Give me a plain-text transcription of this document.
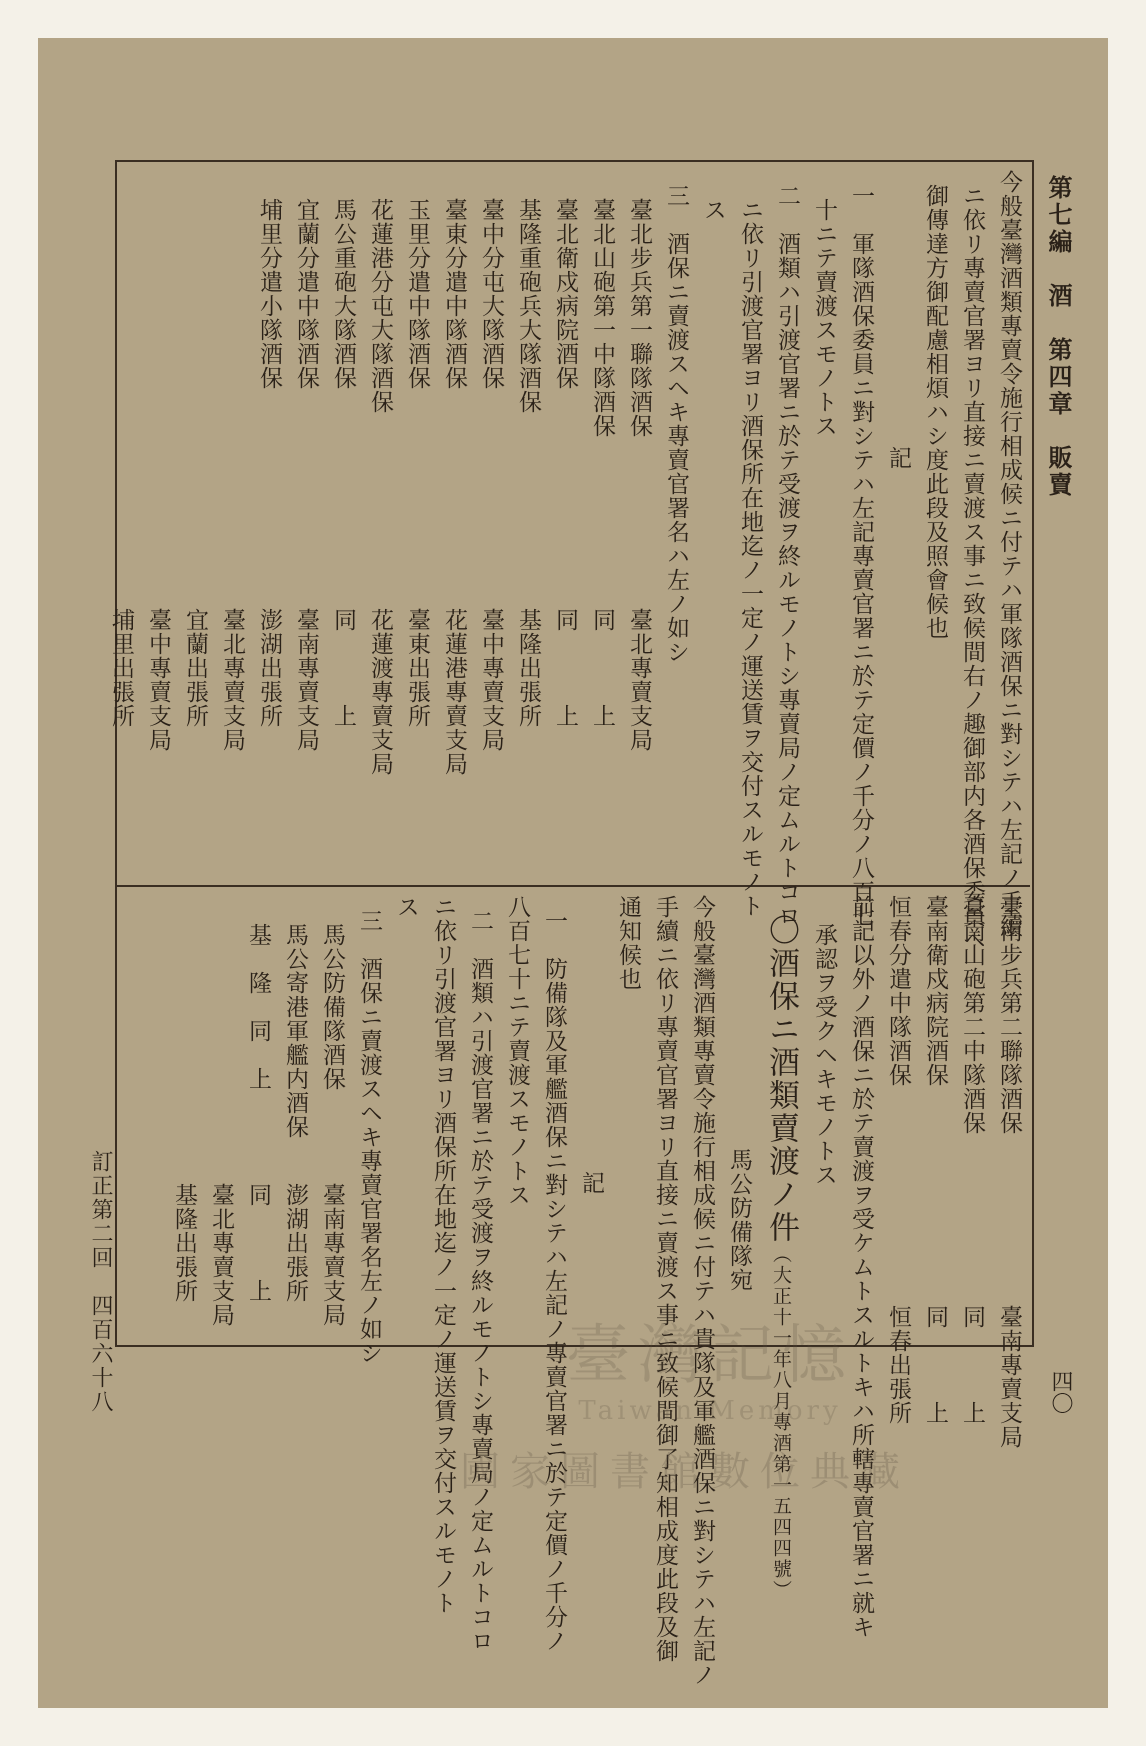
第七編　酒　第四章　販賣
四〇
今般臺灣酒類專賣令施行相成候ニ付テハ軍隊酒保ニ對シテハ左記ノ手續
ニ依リ專賣官署ヨリ直接ニ賣渡ス事ニ致候間右ノ趣御部内各酒保委員ヘ
御傳達方御配慮相煩ハシ度此段及照會候也
記
一　軍隊酒保委員ニ對シテハ左記專賣官署ニ於テ定價ノ千分ノ八百七
十ニテ賣渡スモノトス
二　酒類ハ引渡官署ニ於テ受渡ヲ終ルモノトシ專賣局ノ定ムルトコロ
ニ依リ引渡官署ヨリ酒保所在地迄ノ一定ノ運送賃ヲ交付スルモノト
ス
三　酒保ニ賣渡スヘキ專賣官署名ハ左ノ如シ
臺北步兵第一聯隊酒保臺北專賣支局
臺北山砲第一中隊酒保同　　　上
臺北衛戍病院酒保同　　　上
基隆重砲兵大隊酒保基隆出張所
臺中分屯大隊酒保臺中專賣支局
臺東分遣中隊酒保花蓮港專賣支局
玉里分遣中隊酒保臺東出張所
花蓮港分屯大隊酒保花蓮渡專賣支局
馬公重砲大隊酒保同　　　上
宜蘭分遣中隊酒保臺南專賣支局
埔里分遣小隊酒保澎湖出張所
臺北專賣支局
宜蘭出張所
臺中專賣支局
埔里出張所
臺南步兵第二聯隊酒保臺南專賣支局
臺南山砲第二中隊酒保同　　　上
臺南衛戍病院酒保同　　　上
恒春分遣中隊酒保恒春出張所
前記以外ノ酒保ニ於テ賣渡ヲ受ケムトスルトキハ所轄專賣官署ニ就キ
承認ヲ受クヘキモノトス
〇酒保ニ酒類賣渡ノ件（大正十一年八月專酒第一五四四號）
馬公防備隊宛
今般臺灣酒類專賣令施行相成候ニ付テハ貴隊及軍艦酒保ニ對シテハ左記ノ
手續ニ依リ專賣官署ヨリ直接ニ賣渡ス事ニ致候間御了知相成度此段及御
通知候也
記
一　防備隊及軍艦酒保ニ對シテハ左記ノ專賣官署ニ於テ定價ノ千分ノ
八百七十ニテ賣渡スモノトス
二　酒類ハ引渡官署ニ於テ受渡ヲ終ルモノトシ專賣局ノ定ムルトコロ
ニ依リ引渡官署ヨリ酒保所在地迄ノ一定ノ運送賃ヲ交付スルモノト
ス
三　酒保ニ賣渡スヘキ專賣官署名左ノ如シ
馬公防備隊酒保臺南專賣支局
馬公寄港軍艦内酒保澎湖出張所
基　隆　同　上同　　　上
臺北專賣支局
基隆出張所
訂正第二回　四百六十八	臺灣記憶
Taiwan Memory
國家圖書館數位典藏
